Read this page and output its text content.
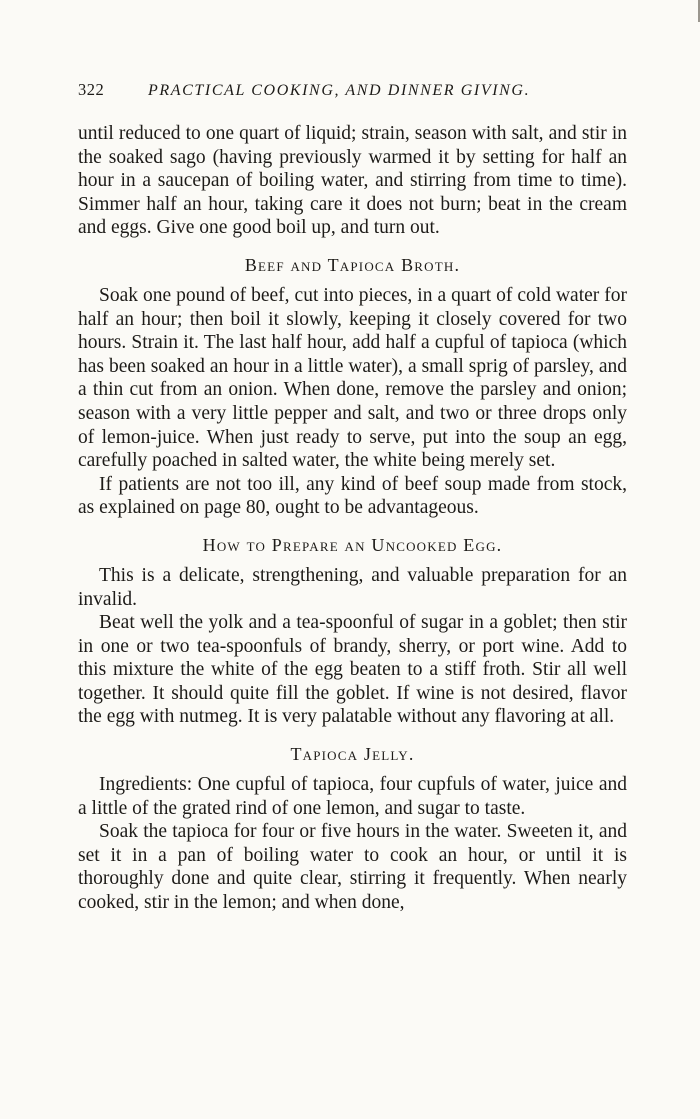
322	PRACTICAL COOKING, AND DINNER GIVING.

until reduced to one quart of liquid; strain, season with salt, and stir in the soaked sago (having previously warmed it by setting for half an hour in a saucepan of boiling water, and stirring from time to time). Simmer half an hour, taking care it does not burn; beat in the cream and eggs. Give one good boil up, and turn out.

Beef and Tapioca Broth.

Soak one pound of beef, cut into pieces, in a quart of cold water for half an hour; then boil it slowly, keeping it closely covered for two hours. Strain it. The last half hour, add half a cupful of tapioca (which has been soaked an hour in a little water), a small sprig of parsley, and a thin cut from an onion. When done, remove the parsley and onion; season with a very little pepper and salt, and two or three drops only of lemon-juice. When just ready to serve, put into the soup an egg, carefully poached in salted water, the white being merely set.

If patients are not too ill, any kind of beef soup made from stock, as explained on page 80, ought to be advantageous.

How to Prepare an Uncooked Egg.

This is a delicate, strengthening, and valuable preparation for an invalid.

Beat well the yolk and a tea-spoonful of sugar in a goblet; then stir in one or two tea-spoonfuls of brandy, sherry, or port wine. Add to this mixture the white of the egg beaten to a stiff froth. Stir all well together. It should quite fill the goblet. If wine is not desired, flavor the egg with nutmeg. It is very palatable without any flavoring at all.

Tapioca Jelly.

Ingredients: One cupful of tapioca, four cupfuls of water, juice and a little of the grated rind of one lemon, and sugar to taste.

Soak the tapioca for four or five hours in the water. Sweeten it, and set it in a pan of boiling water to cook an hour, or until it is thoroughly done and quite clear, stirring it frequently. When nearly cooked, stir in the lemon; and when done,
